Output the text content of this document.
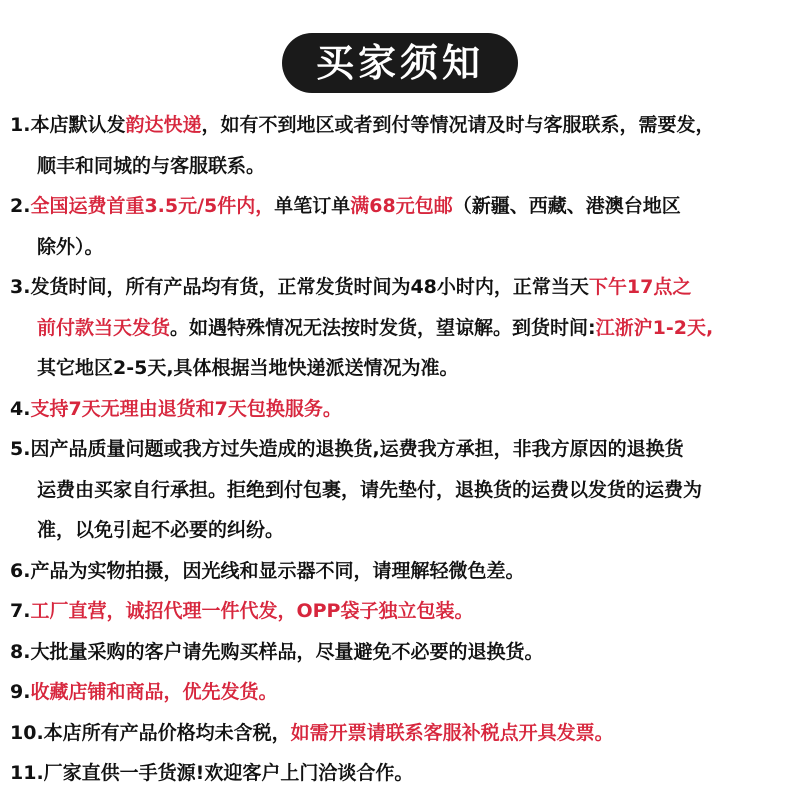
买家须知
1.本店默认发韵达快递，如有不到地区或者到付等情况请及时与客服联系，需要发，
顺丰和同城的与客服联系。
2.全国运费首重3.5元/5件内，单笔订单满68元包邮（新疆、西藏、港澳台地区
除外）。
3.发货时间，所有产品均有货，正常发货时间为48小时内，正常当天下午17点之
前付款当天发货。如遇特殊情况无法按时发货，望谅解。到货时间:江浙沪1-2天,
其它地区2-5天,具体根据当地快递派送情况为准。
4.支持7天无理由退货和7天包换服务。
5.因产品质量问题或我方过失造成的退换货,运费我方承担，非我方原因的退换货
运费由买家自行承担。拒绝到付包裹，请先垫付，退换货的运费以发货的运费为
准，以免引起不必要的纠纷。
6.产品为实物拍摄，因光线和显示器不同，请理解轻微色差。
7.工厂直营，诚招代理一件代发，OPP袋子独立包装。
8.大批量采购的客户请先购买样品，尽量避免不必要的退换货。
9.收藏店铺和商品，优先发货。
10.本店所有产品价格均未含税，如需开票请联系客服补税点开具发票。
11.厂家直供一手货源!欢迎客户上门洽谈合作。
